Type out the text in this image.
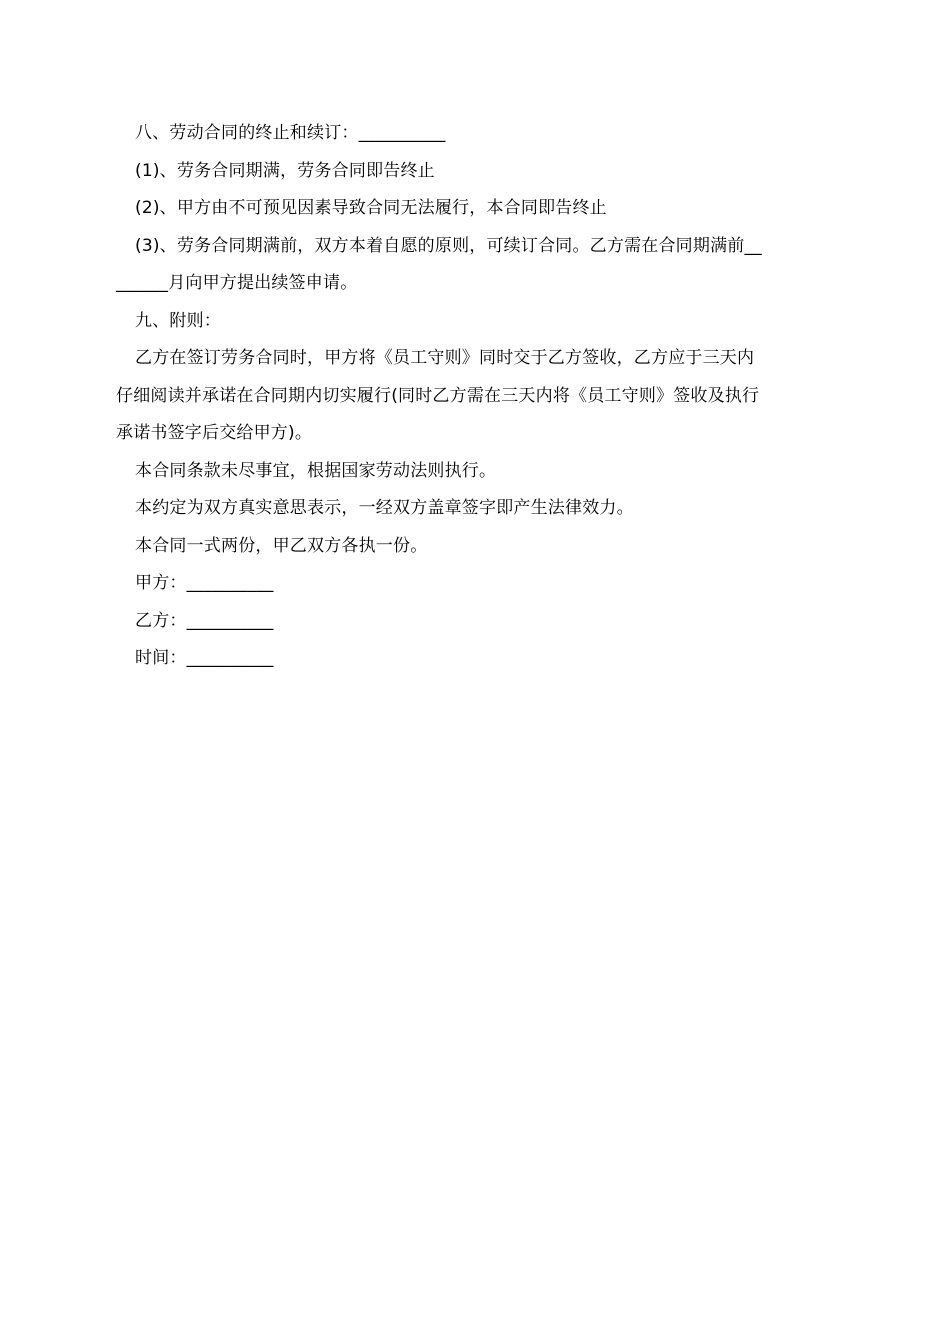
八、劳动合同的终止和续订：__________
(1)、劳务合同期满，劳务合同即告终止
(2)、甲方由不可预见因素导致合同无法履行，本合同即告终止
(3)、劳务合同期满前，双方本着自愿的原则，可续订合同。乙方需在合同期满前__
______月向甲方提出续签申请。
九、附则：
乙方在签订劳务合同时，甲方将《员工守则》同时交于乙方签收，乙方应于三天内
仔细阅读并承诺在合同期内切实履行(同时乙方需在三天内将《员工守则》签收及执行
承诺书签字后交给甲方)。
本合同条款未尽事宜，根据国家劳动法则执行。
本约定为双方真实意思表示，一经双方盖章签字即产生法律效力。
本合同一式两份，甲乙双方各执一份。
甲方：__________
乙方：__________
时间：__________
